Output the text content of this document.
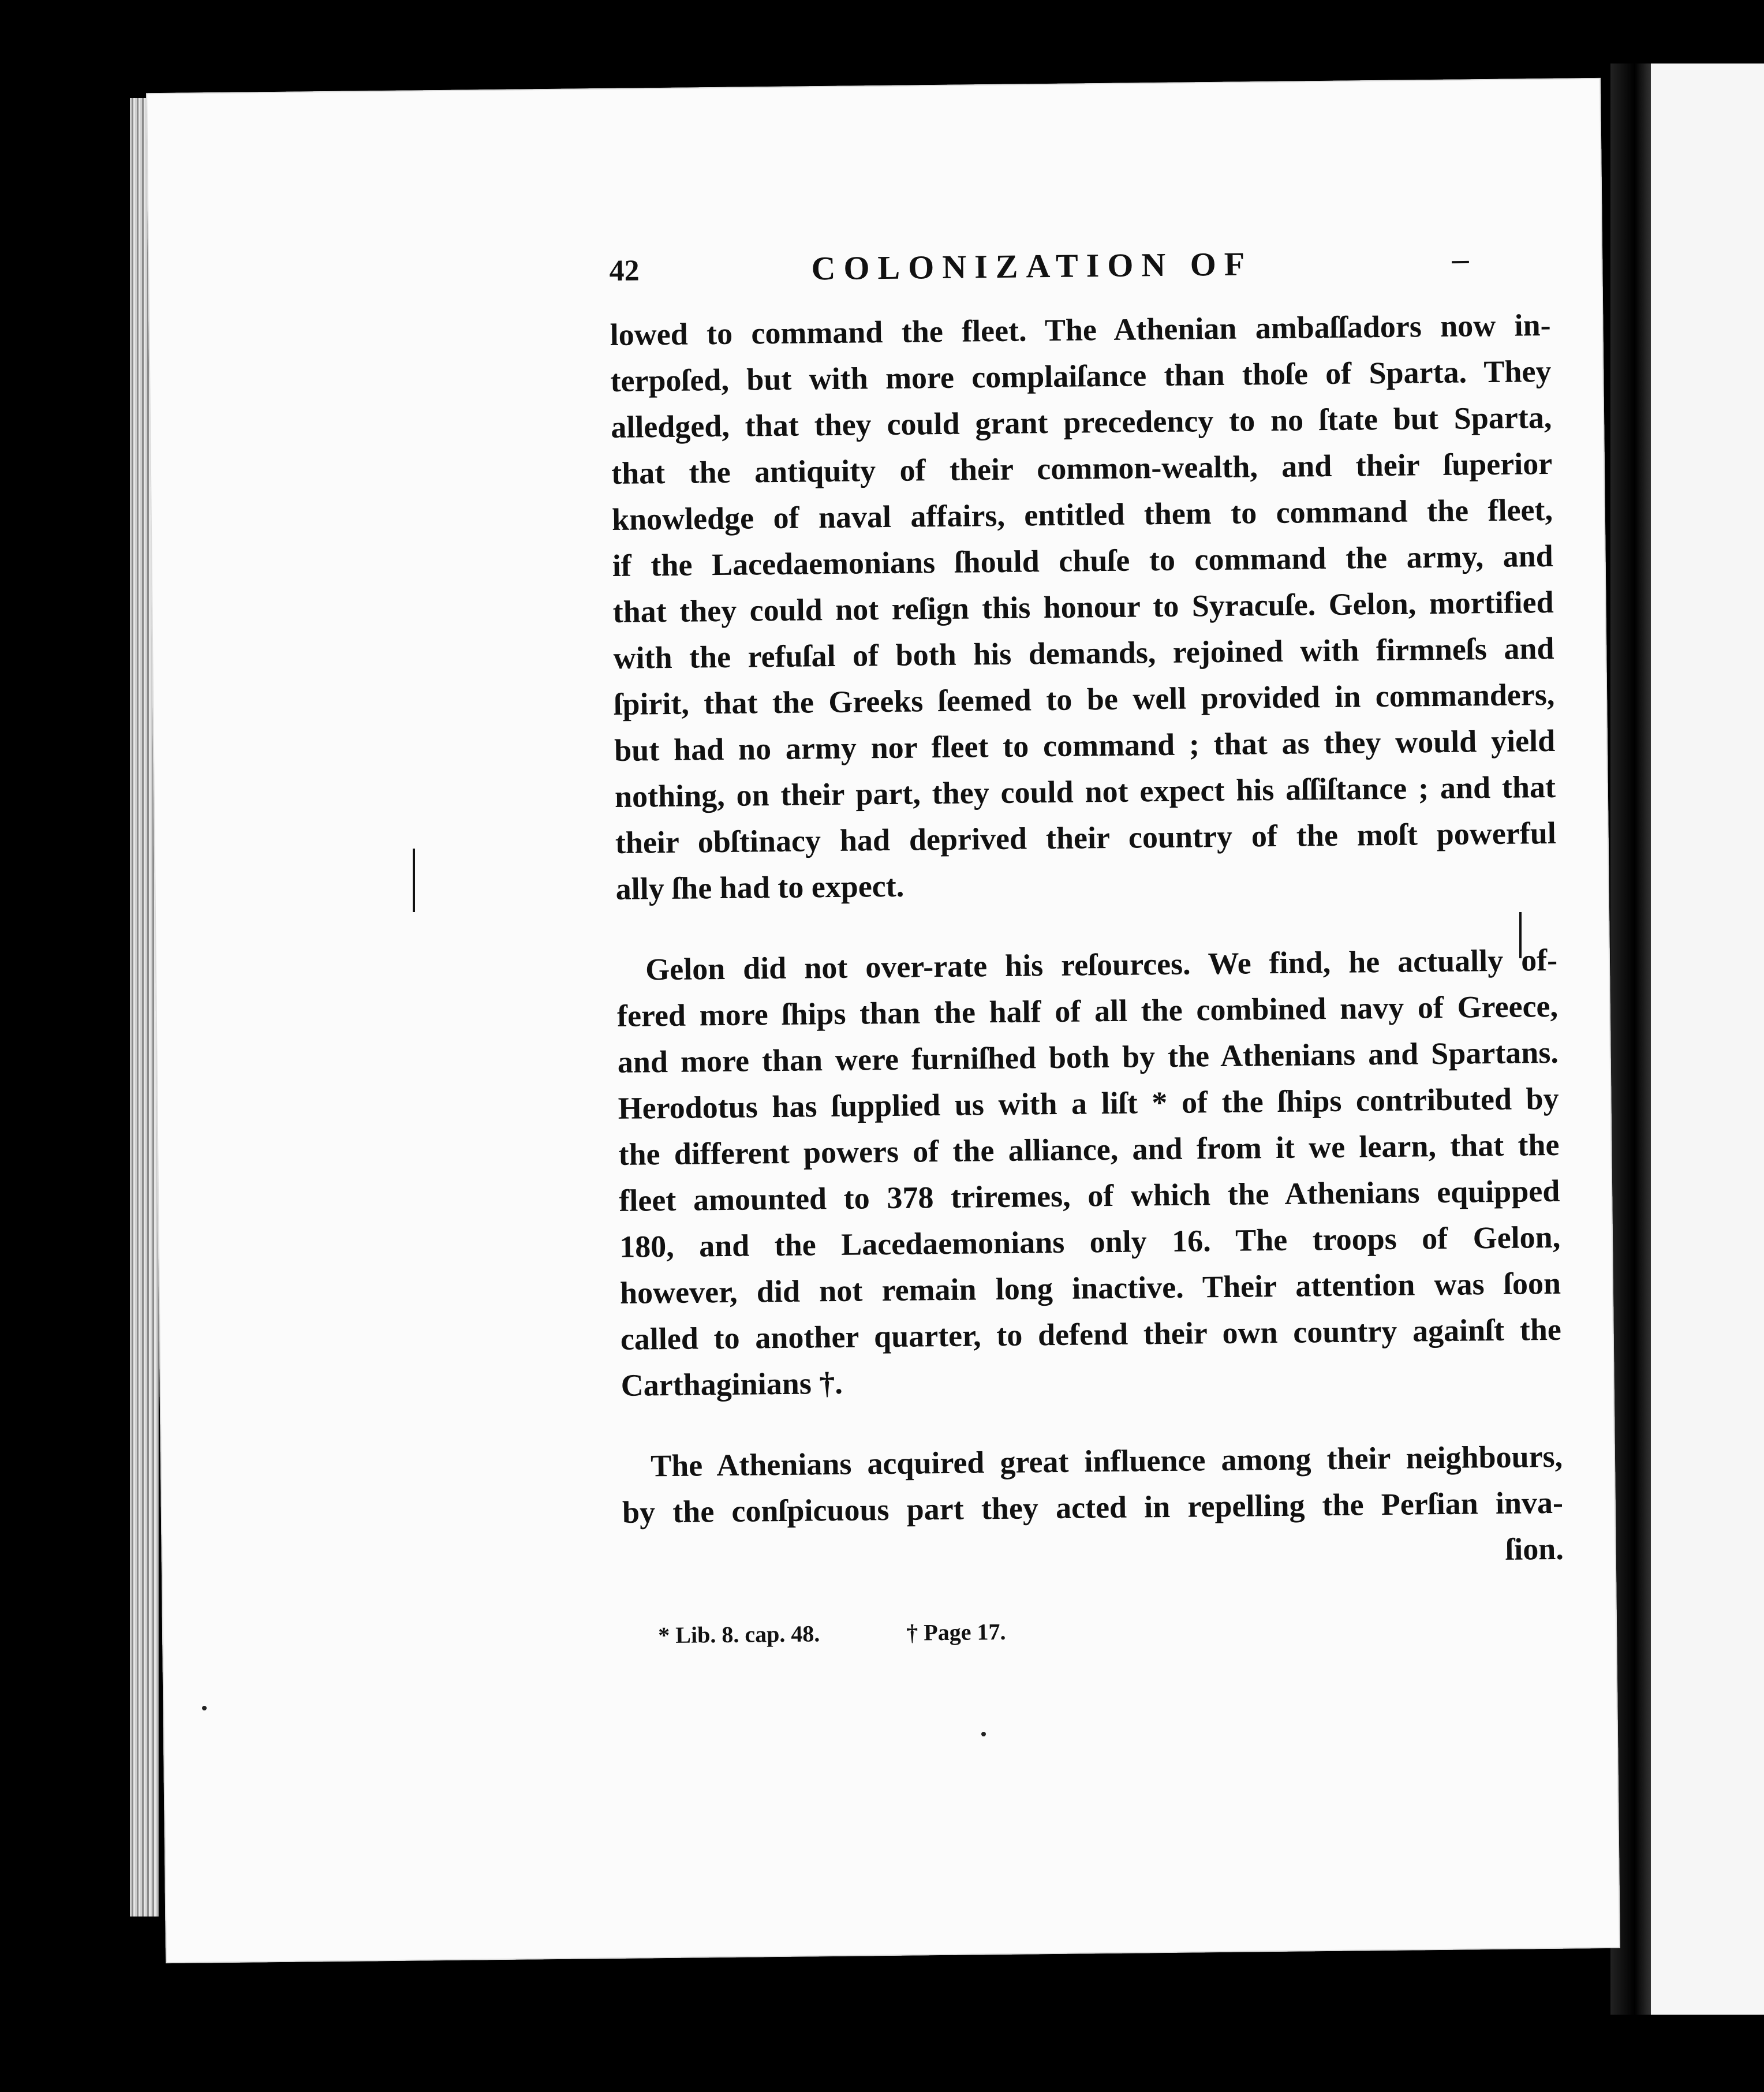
42	COLONIZATION OF	–

lowed to command the fleet. The Athenian ambaſſadors now in-
terpoſed, but with more complaiſance than thoſe of Sparta. They
alledged, that they could grant precedency to no ſtate but Sparta,
that the antiquity of their common-wealth, and their ſuperior
knowledge of naval affairs, entitled them to command the fleet,
if the Lacedaemonians ſhould chuſe to command the army, and
that they could not reſign this honour to Syracuſe. Gelon, mortified
with the refuſal of both his demands, rejoined with firmneſs and
ſpirit, that the Greeks ſeemed to be well provided in commanders,
but had no army nor fleet to command ; that as they would yield
nothing, on their part, they could not expect his aſſiſtance ; and that
their obſtinacy had deprived their country of the moſt powerful
ally ſhe had to expect.

Gelon did not over-rate his reſources. We find, he actually of-
fered more ſhips than the half of all the combined navy of Greece,
and more than were furniſhed both by the Athenians and Spartans.
Herodotus has ſupplied us with a liſt * of the ſhips contributed by
the different powers of the alliance, and from it we learn, that the
fleet amounted to 378 triremes, of which the Athenians equipped
180, and the Lacedaemonians only 16. The troops of Gelon,
however, did not remain long inactive. Their attention was ſoon
called to another quarter, to defend their own country againſt the
Carthaginians †.

The Athenians acquired great influence among their neighbours,
by the conſpicuous part they acted in repelling the Perſian inva-
ſion.

* Lib. 8. cap. 48.	† Page 17.
